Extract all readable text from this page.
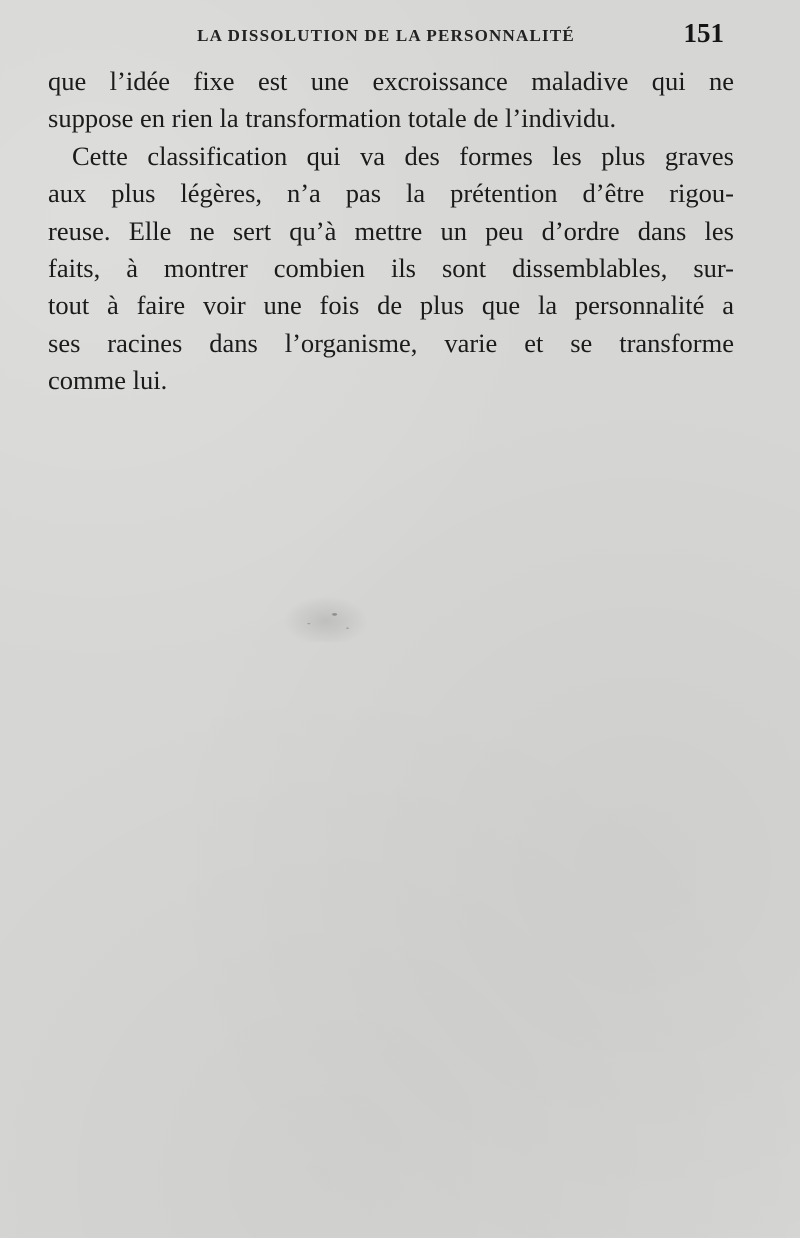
LA DISSOLUTION DE LA PERSONNALITÉ	151
que l’idée fixe est une excroissance maladive qui ne
suppose en rien la transformation totale de l’individu.
Cette classification qui va des formes les plus graves
aux plus légères, n’a pas la prétention d’être rigou-
reuse. Elle ne sert qu’à mettre un peu d’ordre dans les
faits, à montrer combien ils sont dissemblables, sur-
tout à faire voir une fois de plus que la personnalité a
ses racines dans l’organisme, varie et se transforme
comme lui.
